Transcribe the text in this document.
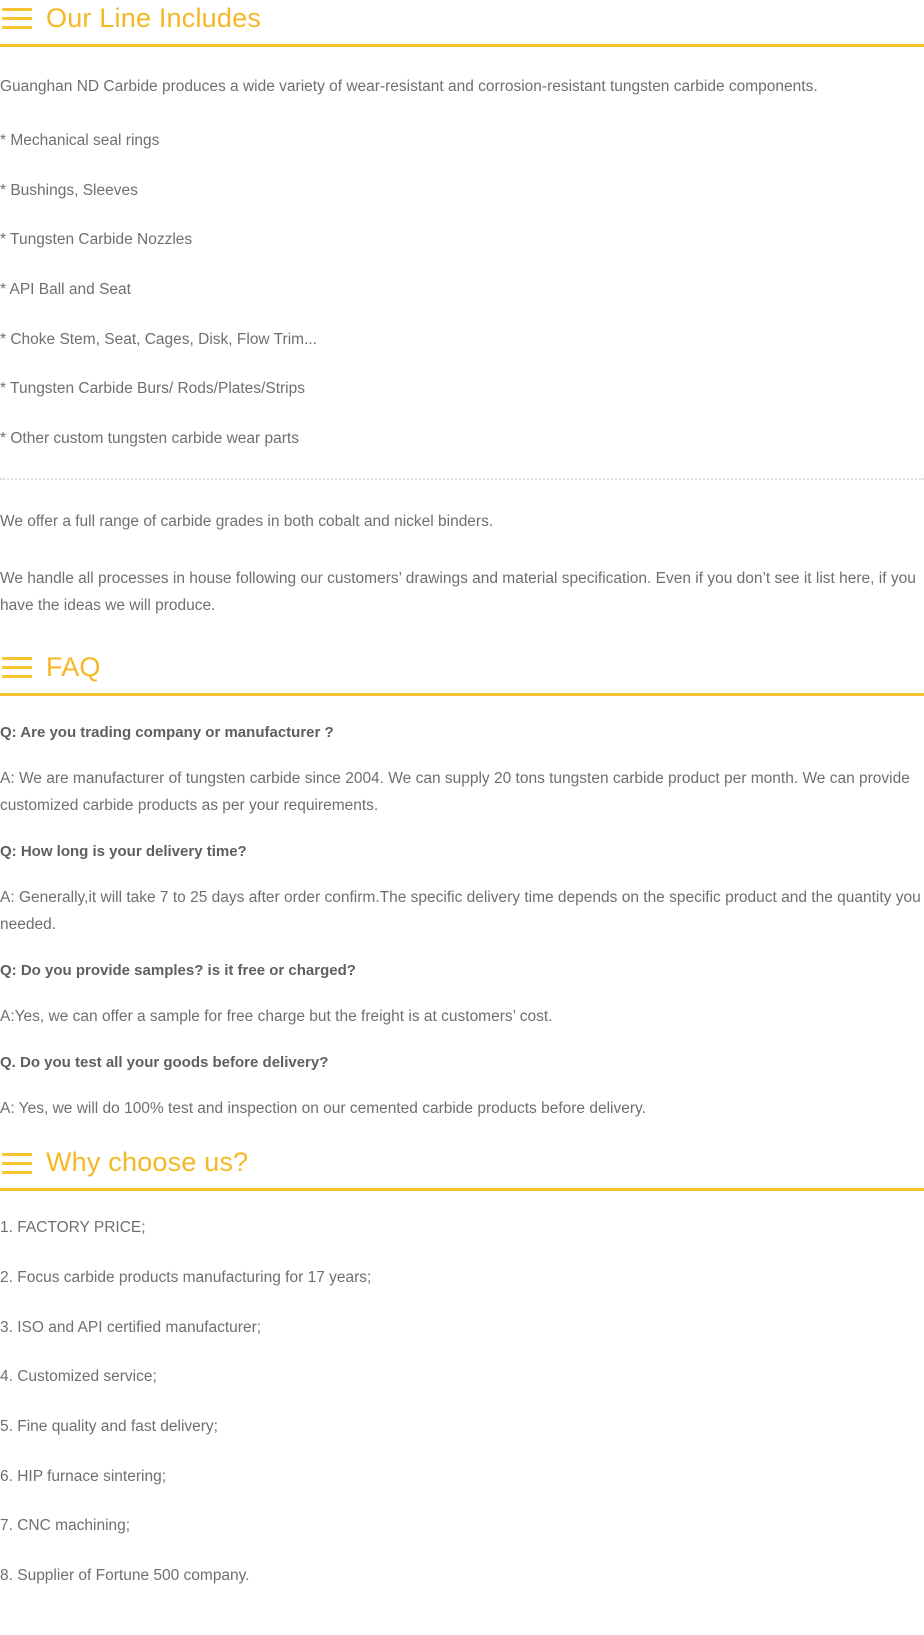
Our Line Includes

Guanghan ND Carbide produces a wide variety of wear-resistant and corrosion-resistant tungsten carbide components.

* Mechanical seal rings

* Bushings, Sleeves

* Tungsten Carbide Nozzles

* API Ball and Seat

* Choke Stem, Seat, Cages, Disk, Flow Trim...

* Tungsten Carbide Burs/ Rods/Plates/Strips

* Other custom tungsten carbide wear parts

We offer a full range of carbide grades in both cobalt and nickel binders.

We handle all processes in house following our customers’ drawings and material specification. Even if you don’t see it list here, if you have the ideas we will produce.

FAQ

Q: Are you trading company or manufacturer ?

A: We are manufacturer of tungsten carbide since 2004. We can supply 20 tons tungsten carbide product per month. We can provide customized carbide products as per your requirements.

Q: How long is your delivery time?

A: Generally,it will take 7 to 25 days after order confirm.The specific delivery time depends on the specific product and the quantity you needed.

Q: Do you provide samples? is it free or charged?

A:Yes, we can offer a sample for free charge but the freight is at customers’ cost.

Q. Do you test all your goods before delivery?

A: Yes, we will do 100% test and inspection on our cemented carbide products before delivery.

Why choose us?

1. FACTORY PRICE;

2. Focus carbide products manufacturing for 17 years;

3. ISO and API certified manufacturer;

4. Customized service;

5. Fine quality and fast delivery;

6. HIP furnace sintering;

7. CNC machining;

8. Supplier of Fortune 500 company.
